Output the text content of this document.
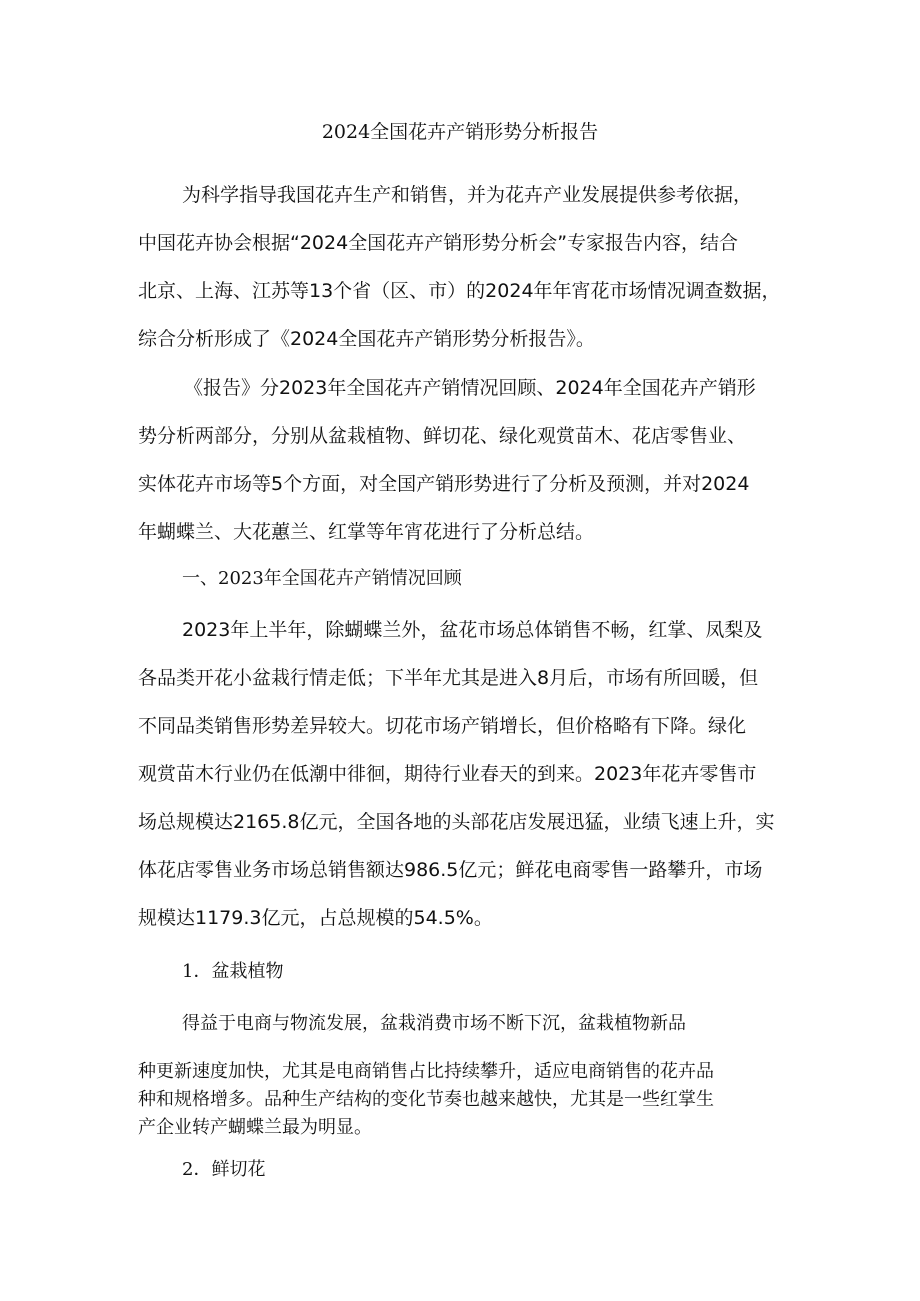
2024全国花卉产销形势分析报告
为科学指导我国花卉生产和销售，并为花卉产业发展提供参考依据，
中国花卉协会根据“2024全国花卉产销形势分析会”专家报告内容，结合
北京、上海、江苏等13个省（区、市）的2024年年宵花市场情况调查数据，
综合分析形成了《2024全国花卉产销形势分析报告》。
《报告》分2023年全国花卉产销情况回顾、2024年全国花卉产销形
势分析两部分，分别从盆栽植物、鲜切花、绿化观赏苗木、花店零售业、
实体花卉市场等5个方面，对全国产销形势进行了分析及预测，并对2024
年蝴蝶兰、大花蕙兰、红掌等年宵花进行了分析总结。
一、2023年全国花卉产销情况回顾
2023年上半年，除蝴蝶兰外，盆花市场总体销售不畅，红掌、凤梨及
各品类开花小盆栽行情走低；下半年尤其是进入8月后，市场有所回暖，但
不同品类销售形势差异较大。切花市场产销增长，但价格略有下降。绿化
观赏苗木行业仍在低潮中徘徊，期待行业春天的到来。2023年花卉零售市
场总规模达2165.8亿元，全国各地的头部花店发展迅猛，业绩飞速上升，实
体花店零售业务市场总销售额达986.5亿元；鲜花电商零售一路攀升，市场
规模达1179.3亿元，占总规模的54.5%。
1．盆栽植物
得益于电商与物流发展，盆栽消费市场不断下沉，盆栽植物新品
种更新速度加快，尤其是电商销售占比持续攀升，适应电商销售的花卉品
种和规格增多。品种生产结构的变化节奏也越来越快，尤其是一些红掌生
产企业转产蝴蝶兰最为明显。
2．鲜切花
